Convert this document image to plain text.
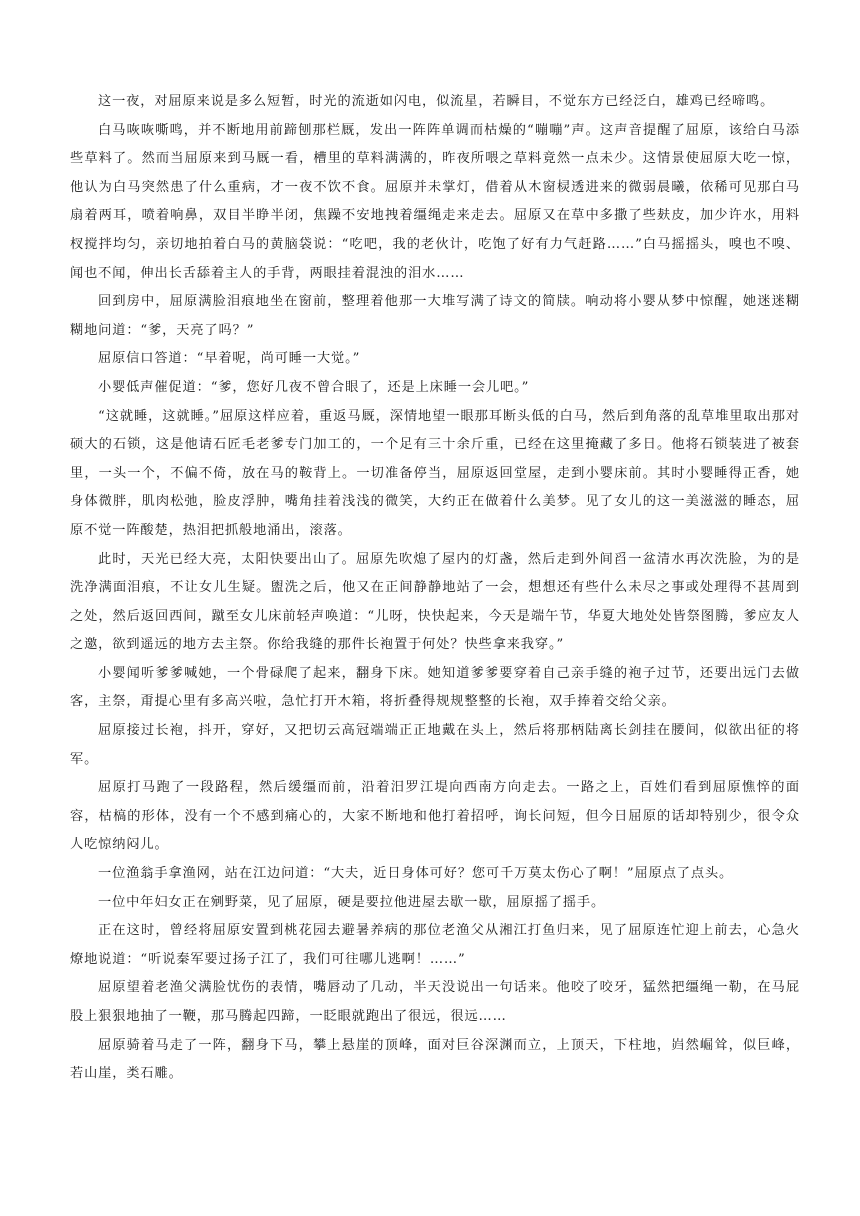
这一夜，对屈原来说是多么短暂，时光的流逝如闪电，似流星，若瞬目，不觉东方已经泛白，雄鸡已经啼鸣。

白马咴咴嘶鸣，并不断地用前蹄刨那栏厩，发出一阵阵单调而枯燥的“嘣嘣”声。这声音提醒了屈原，该给白马添些草料了。然而当屈原来到马厩一看，槽里的草料满满的，昨夜所喂之草料竟然一点未少。这情景使屈原大吃一惊，他认为白马突然患了什么重病，才一夜不饮不食。屈原并未掌灯，借着从木窗棂透进来的微弱晨曦，依稀可见那白马扇着两耳，喷着响鼻，双目半睁半闭，焦躁不安地拽着缰绳走来走去。屈原又在草中多撒了些麸皮，加少许水，用料杈搅拌均匀，亲切地拍着白马的黄脑袋说：“吃吧，我的老伙计，吃饱了好有力气赶路……”白马摇摇头，嗅也不嗅、闻也不闻，伸出长舌舔着主人的手背，两眼挂着混浊的泪水……

回到房中，屈原满脸泪痕地坐在窗前，整理着他那一大堆写满了诗文的简牍。响动将小婴从梦中惊醒，她迷迷糊糊地问道：“爹，天亮了吗？”

屈原信口答道：“早着呢，尚可睡一大觉。”

小婴低声催促道：“爹，您好几夜不曾合眼了，还是上床睡一会儿吧。”

“这就睡，这就睡。”屈原这样应着，重返马厩，深情地望一眼那耳断头低的白马，然后到角落的乱草堆里取出那对硕大的石锁，这是他请石匠毛老爹专门加工的，一个足有三十余斤重，已经在这里掩藏了多日。他将石锁装进了被套里，一头一个，不偏不倚，放在马的鞍背上。一切准备停当，屈原返回堂屋，走到小婴床前。其时小婴睡得正香，她身体微胖，肌肉松弛，脸皮浮肿，嘴角挂着浅浅的微笑，大约正在做着什么美梦。见了女儿的这一美滋滋的睡态，屈原不觉一阵酸楚，热泪把抓般地涌出，滚落。

此时，天光已经大亮，太阳快要出山了。屈原先吹熄了屋内的灯盏，然后走到外间舀一盆清水再次洗脸，为的是洗净满面泪痕，不让女儿生疑。盥洗之后，他又在正间静静地站了一会，想想还有些什么未尽之事或处理得不甚周到之处，然后返回西间，蹴至女儿床前轻声唤道：“儿呀，快快起来，今天是端午节，华夏大地处处皆祭图腾，爹应友人之邀，欲到遥远的地方去主祭。你给我缝的那件长袍置于何处？快些拿来我穿。”

小婴闻听爹爹喊她，一个骨碌爬了起来，翻身下床。她知道爹爹要穿着自己亲手缝的袍子过节，还要出远门去做客，主祭，甭提心里有多高兴啦，急忙打开木箱，将折叠得规规整整的长袍，双手捧着交给父亲。

屈原接过长袍，抖开，穿好，又把切云高冠端端正正地戴在头上，然后将那柄陆离长剑挂在腰间，似欲出征的将军。

屈原打马跑了一段路程，然后缓缰而前，沿着汨罗江堤向西南方向走去。一路之上，百姓们看到屈原憔悴的面容，枯槁的形体，没有一个不感到痛心的，大家不断地和他打着招呼，询长问短，但今日屈原的话却特别少，很令众人吃惊纳闷儿。

一位渔翁手拿渔网，站在江边问道：“大夫，近日身体可好？您可千万莫太伤心了啊！”屈原点了点头。

一位中年妇女正在剜野菜，见了屈原，硬是要拉他进屋去歇一歇，屈原摇了摇手。

正在这时，曾经将屈原安置到桃花园去避暑养病的那位老渔父从湘江打鱼归来，见了屈原连忙迎上前去，心急火燎地说道：“听说秦军要过扬子江了，我们可往哪儿逃啊！……”

屈原望着老渔父满脸忧伤的表情，嘴唇动了几动，半天没说出一句话来。他咬了咬牙，猛然把缰绳一勒，在马屁股上狠狠地抽了一鞭，那马腾起四蹄，一眨眼就跑出了很远，很远……

屈原骑着马走了一阵，翻身下马，攀上悬崖的顶峰，面对巨谷深渊而立，上顶天，下柱地，岿然崛耸，似巨峰，若山崖，类石雕。
